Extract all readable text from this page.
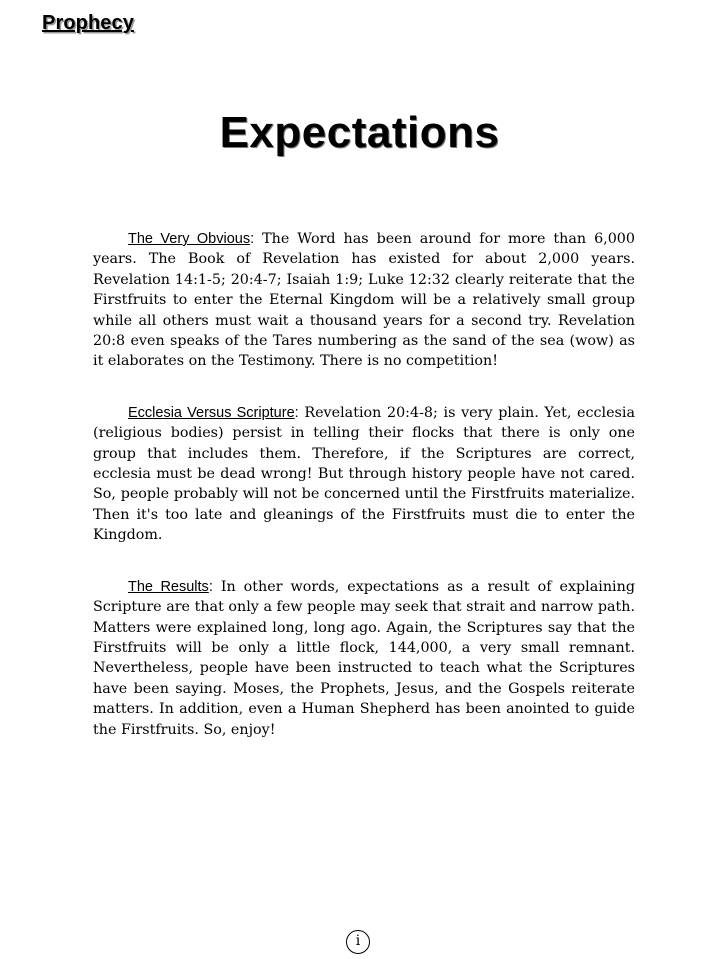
Prophecy
Expectations

The Very Obvious: The Word has been around for more than 6,000 years. The Book of Revelation has existed for about 2,000 years. Revelation 14:1-5; 20:4-7; Isaiah 1:9; Luke 12:32 clearly reiterate that the Firstfruits to enter the Eternal Kingdom will be a relatively small group while all others must wait a thousand years for a second try. Revelation 20:8 even speaks of the Tares numbering as the sand of the sea (wow) as it elaborates on the Testimony. There is no competition!

Ecclesia Versus Scripture: Revelation 20:4-8; is very plain. Yet, ecclesia (religious bodies) persist in telling their flocks that there is only one group that includes them. Therefore, if the Scriptures are correct, ecclesia must be dead wrong! But through history people have not cared. So, people probably will not be concerned until the Firstfruits materialize. Then it's too late and gleanings of the Firstfruits must die to enter the Kingdom.

The Results: In other words, expectations as a result of explaining Scripture are that only a few people may seek that strait and narrow path. Matters were explained long, long ago. Again, the Scriptures say that the Firstfruits will be only a little flock, 144,000, a very small remnant. Nevertheless, people have been instructed to teach what the Scriptures have been saying. Moses, the Prophets, Jesus, and the Gospels reiterate matters. In addition, even a Human Shepherd has been anointed to guide the Firstfruits. So, enjoy!

i
